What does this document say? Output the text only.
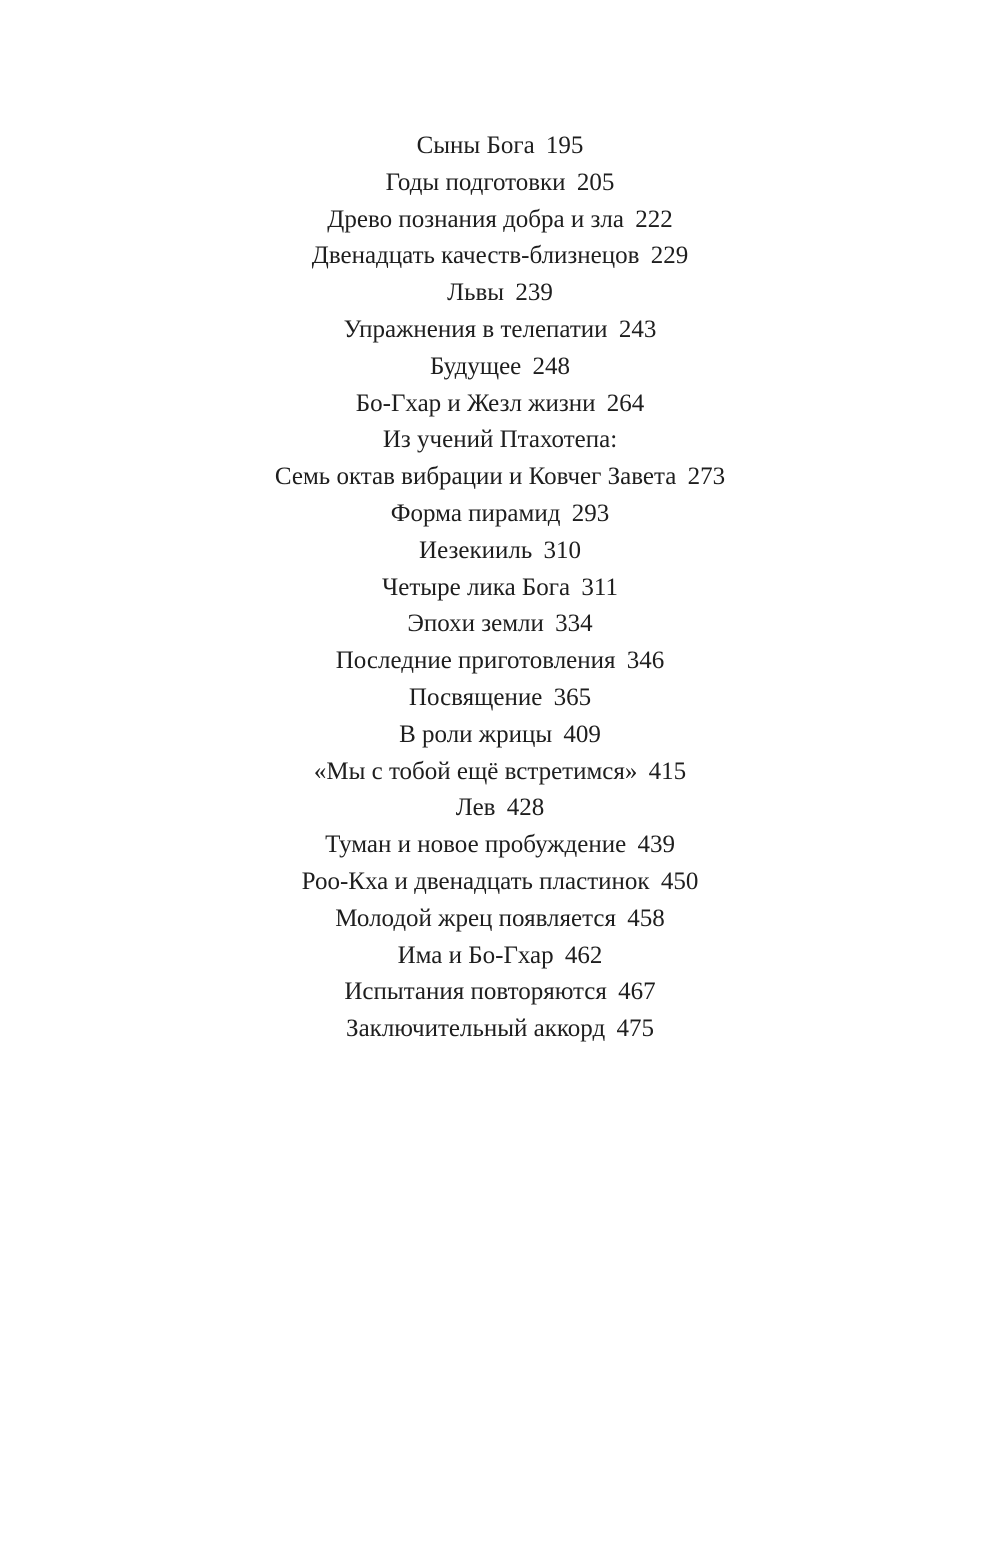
Сыны Бога 195
Годы подготовки 205
Древо познания добра и зла 222
Двенадцать качеств-близнецов 229
Львы 239
Упражнения в телепатии 243
Будущее 248
Бо-Гхар и Жезл жизни 264
Из учений Птахотепа:
Семь октав вибрации и Ковчег Завета 273
Форма пирамид 293
Иезекииль 310
Четыре лика Бога 311
Эпохи земли 334
Последние приготовления 346
Посвящение 365
В роли жрицы 409
«Мы с тобой ещё встретимся» 415
Лев 428
Туман и новое пробуждение 439
Роо-Кха и двенадцать пластинок 450
Молодой жрец появляется 458
Има и Бо-Гхар 462
Испытания повторяются 467
Заключительный аккорд 475
